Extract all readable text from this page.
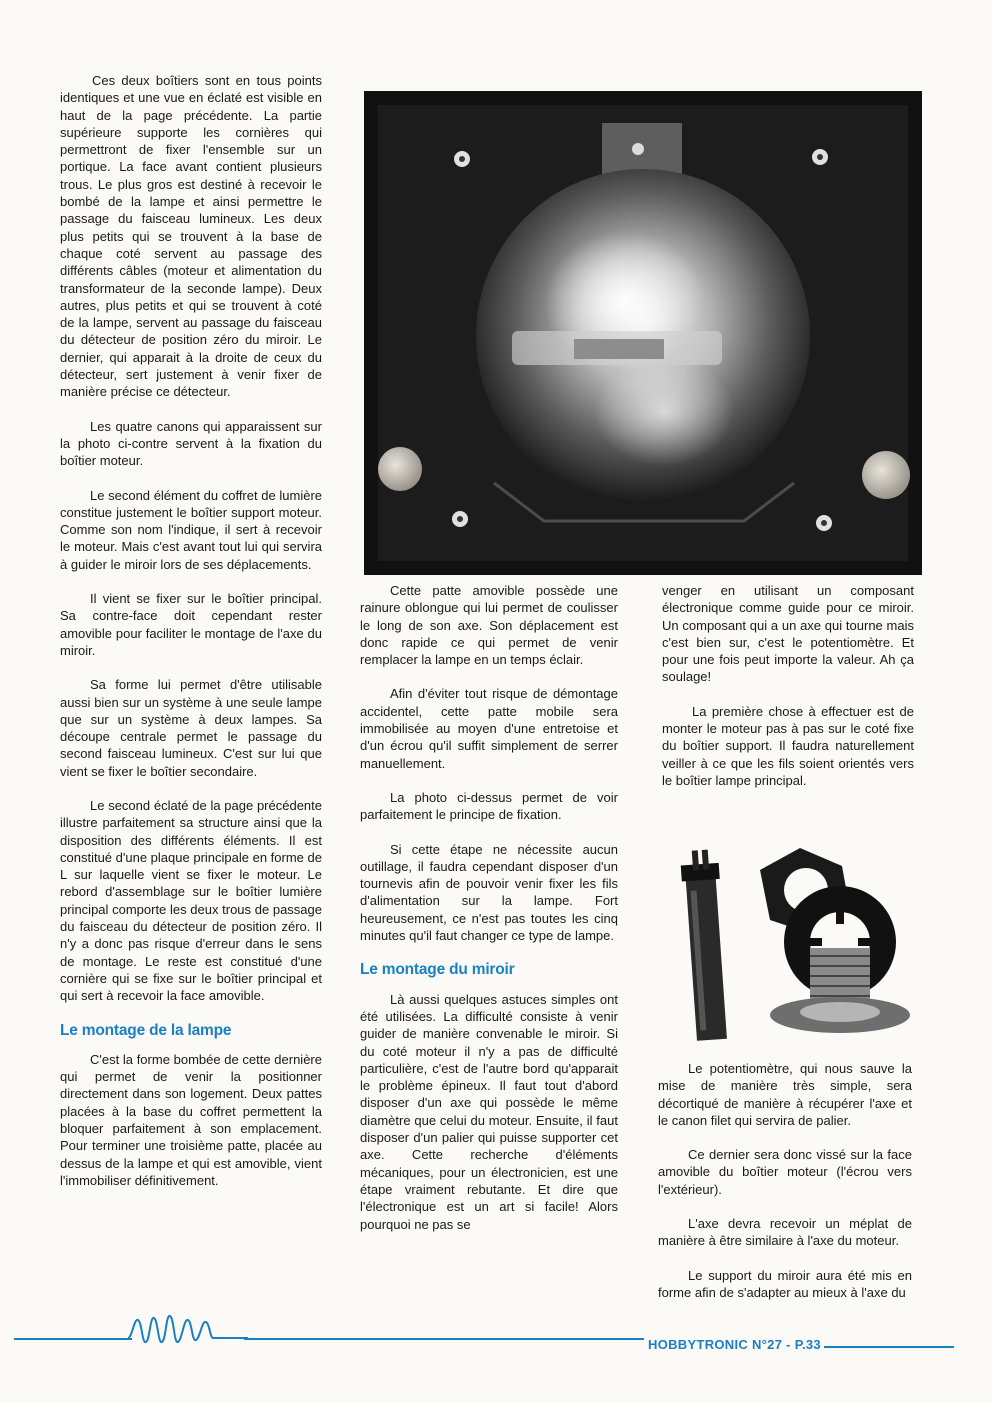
Ces deux boîtiers sont en tous points identiques et une vue en éclaté est visible en haut de la page précédente. La partie supérieure supporte les cornières qui permettront de fixer l'ensemble sur un portique. La face avant contient plusieurs trous. Le plus gros est destiné à recevoir le bombé de la lampe et ainsi permettre le passage du faisceau lumineux. Les deux plus petits qui se trouvent à la base de chaque coté servent au passage des différents câbles (moteur et alimentation du transformateur de la seconde lampe). Deux autres, plus petits et qui se trouvent à coté de la lampe, servent au passage du faisceau du détecteur de position zéro du miroir. Le dernier, qui apparait à la droite de ceux du détecteur, sert justement à venir fixer de manière précise ce détecteur.

Les quatre canons qui apparaissent sur la photo ci-contre servent à la fixation du boîtier moteur.

Le second élément du coffret de lumière constitue justement le boîtier support moteur. Comme son nom l'indique, il sert à recevoir le moteur. Mais c'est avant tout lui qui servira à guider le miroir lors de ses déplacements.

Il vient se fixer sur le boîtier principal. Sa contre-face doit cependant rester amovible pour faciliter le montage de l'axe du miroir.

Sa forme lui permet d'être utilisable aussi bien sur un système à une seule lampe que sur un système à deux lampes. Sa découpe centrale permet le passage du second faisceau lumineux. C'est sur lui que vient se fixer le boîtier secondaire.

Le second éclaté de la page précédente illustre parfaitement sa structure ainsi que la disposition des différents éléments. Il est constitué d'une plaque principale en forme de L sur laquelle vient se fixer le moteur. Le rebord d'assemblage sur le boîtier lumière principal comporte les deux trous de passage du faisceau du détecteur de position zéro. Il n'y a donc pas risque d'erreur dans le sens de montage. Le reste est constitué d'une cornière qui se fixe sur le boîtier principal et qui sert à recevoir la face amovible.

Le montage de la lampe

C'est la forme bombée de cette dernière qui permet de venir la positionner directement dans son logement. Deux pattes placées à la base du coffret permettent la bloquer parfaitement à son emplacement. Pour terminer une troisième patte, placée au dessus de la lampe et qui est amovible, vient l'immobiliser définitivement.

Cette patte amovible possède une rainure oblongue qui lui permet de coulisser le long de son axe. Son déplacement est donc rapide ce qui permet de venir remplacer la lampe en un temps éclair.

Afin d'éviter tout risque de démontage accidentel, cette patte mobile sera immobilisée au moyen d'une entretoise et d'un écrou qu'il suffit simplement de serrer manuellement.

La photo ci-dessus permet de voir parfaitement le principe de fixation.

Si cette étape ne nécessite aucun outillage, il faudra cependant disposer d'un tournevis afin de pouvoir venir fixer les fils d'alimentation sur la lampe. Fort heureusement, ce n'est pas toutes les cinq minutes qu'il faut changer ce type de lampe.

Le montage du miroir

Là aussi quelques astuces simples ont été utilisées. La difficulté consiste à venir guider de manière convenable le miroir. Si du coté moteur il n'y a pas de difficulté particulière, c'est de l'autre bord qu'apparait le problème épineux. Il faut tout d'abord disposer d'un axe qui possède le même diamètre que celui du moteur. Ensuite, il faut disposer d'un palier qui puisse supporter cet axe. Cette recherche d'éléments mécaniques, pour un électronicien, est une étape vraiment rebutante. Et dire que l'électronique est un art si facile! Alors pourquoi ne pas se

venger en utilisant un composant électronique comme guide pour ce miroir. Un composant qui a un axe qui tourne mais c'est bien sur, c'est le potentiomètre. Et pour une fois peut importe la valeur. Ah ça soulage!

La première chose à effectuer est de monter le moteur pas à pas sur le coté fixe du boîtier support. Il faudra naturellement veiller à ce que les fils soient orientés vers le boîtier lampe principal.

Le potentiomètre, qui nous sauve la mise de manière très simple, sera décortiqué de manière à récupérer l'axe et le canon filet qui servira de palier.

Ce dernier sera donc vissé sur la face amovible du boîtier moteur (l'écrou vers l'extérieur).

L'axe devra recevoir un méplat de manière à être similaire à l'axe du moteur.

Le support du miroir aura été mis en forme afin de s'adapter au mieux à l'axe du

HOBBYTRONIC N°27 - P.33
